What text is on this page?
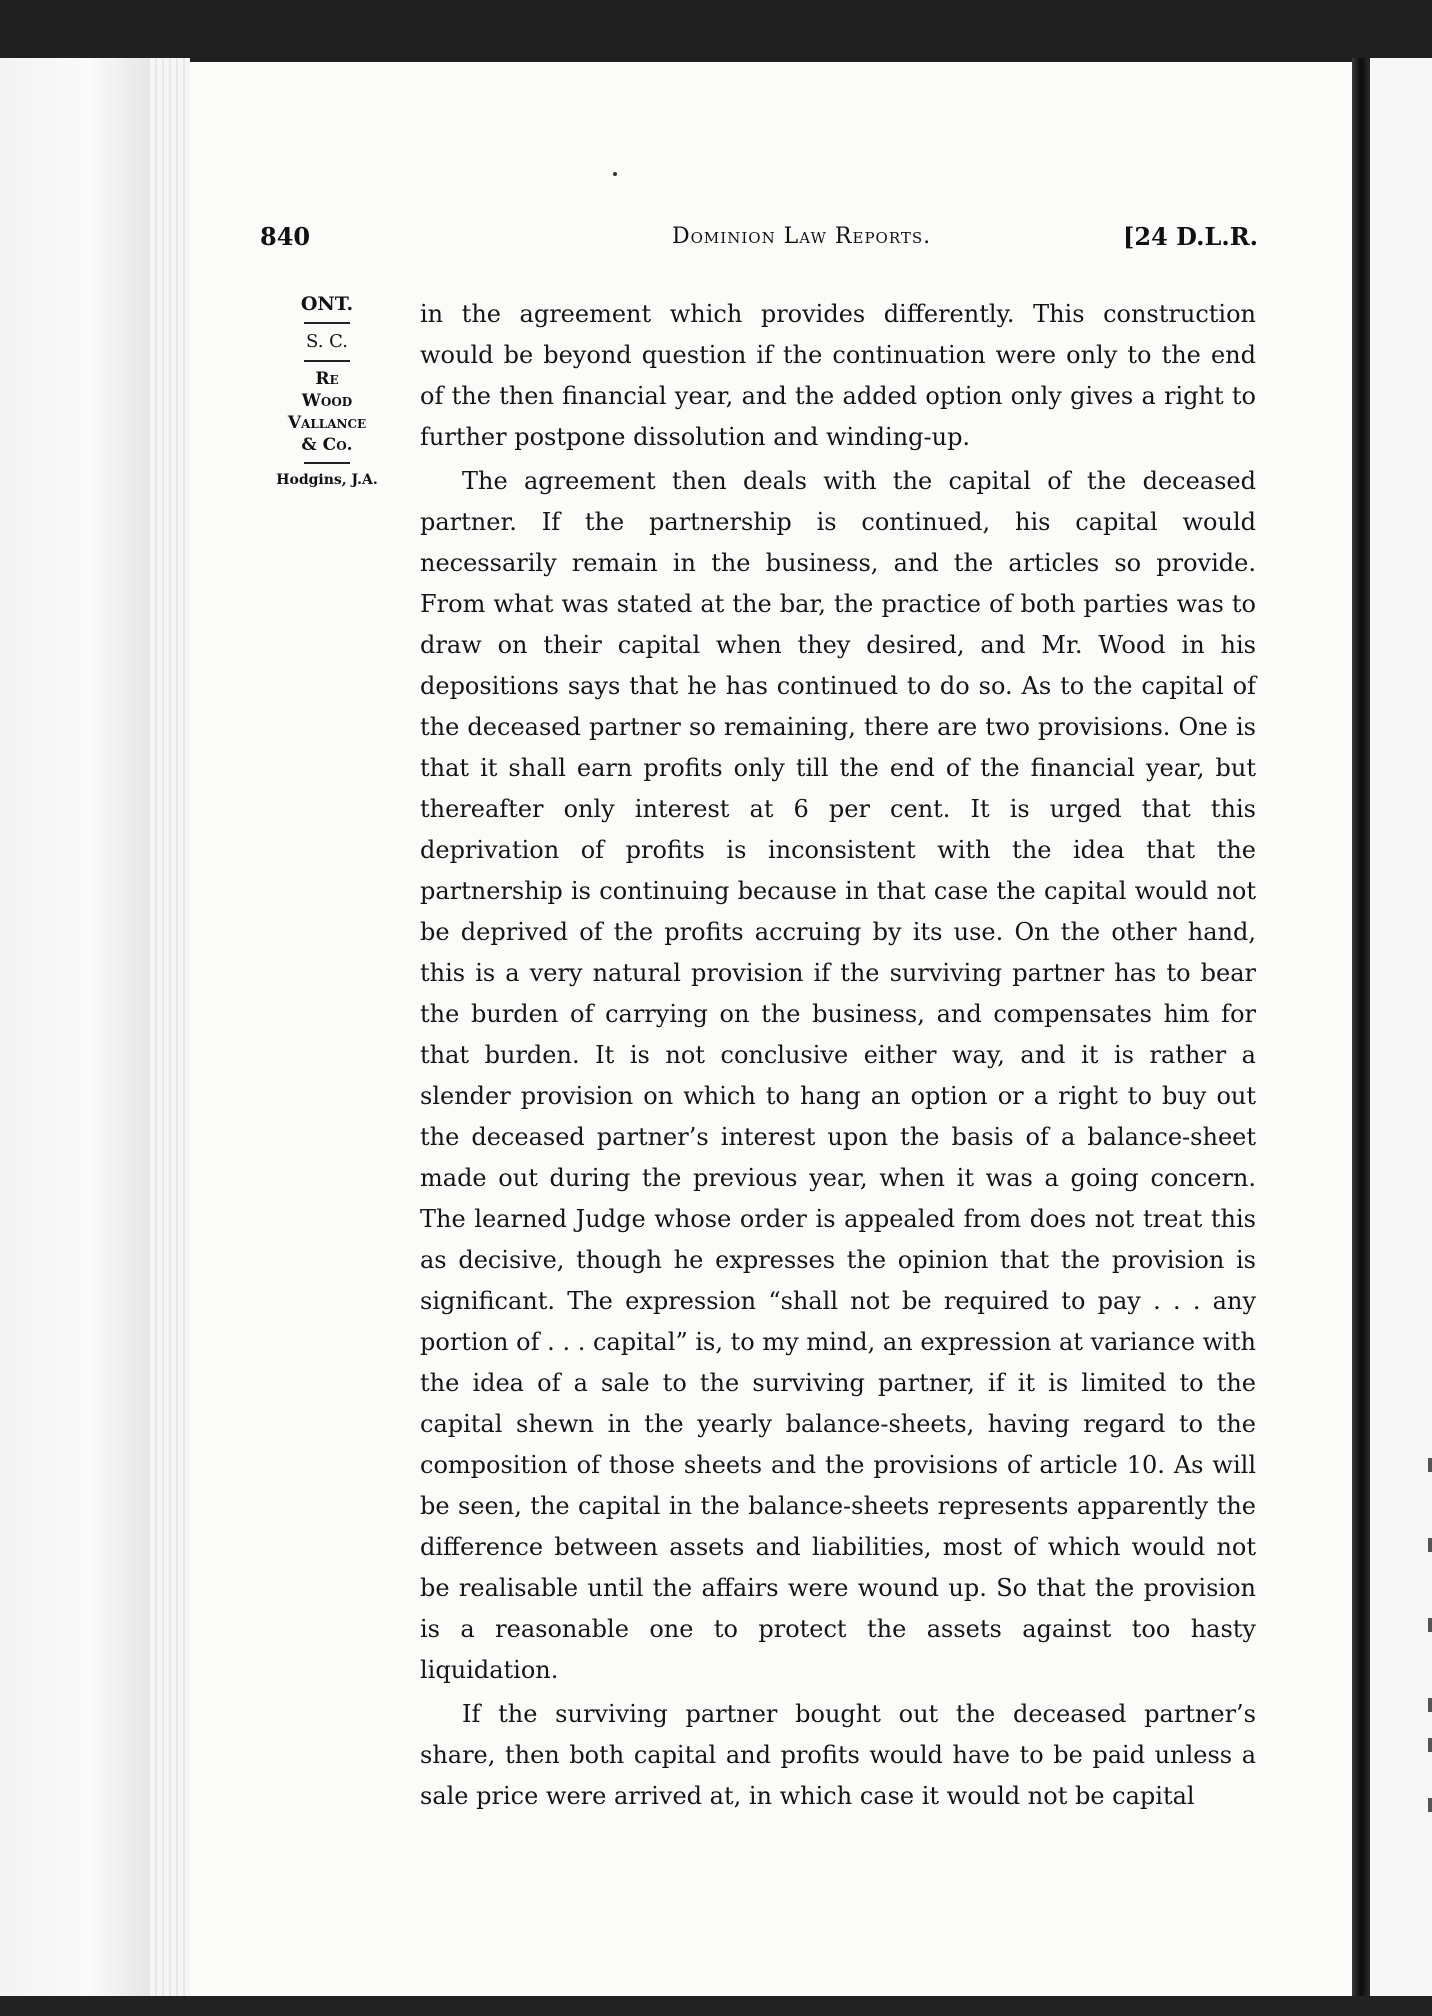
840	Dominion Law Reports.	[24 D.L.R.
ONT.
S. C.
Re
Wood
Vallance
& Co.
Hodgins, J.A.

in the agreement which provides differently. This construction would be beyond question if the continuation were only to the end of the then financial year, and the added option only gives a right to further postpone dissolution and winding-up.

The agreement then deals with the capital of the deceased partner. If the partnership is continued, his capital would necessarily remain in the business, and the articles so provide. From what was stated at the bar, the practice of both parties was to draw on their capital when they desired, and Mr. Wood in his depositions says that he has continued to do so. As to the capital of the deceased partner so remaining, there are two provisions. One is that it shall earn profits only till the end of the financial year, but thereafter only interest at 6 per cent. It is urged that this deprivation of profits is inconsistent with the idea that the partnership is continuing because in that case the capital would not be deprived of the profits accruing by its use. On the other hand, this is a very natural provision if the surviving partner has to bear the burden of carrying on the business, and compensates him for that burden. It is not conclusive either way, and it is rather a slender provision on which to hang an option or a right to buy out the deceased partner’s interest upon the basis of a balance-sheet made out during the previous year, when it was a going concern. The learned Judge whose order is appealed from does not treat this as decisive, though he expresses the opinion that the provision is significant. The expression “shall not be required to pay . . . any portion of . . . capital” is, to my mind, an expression at variance with the idea of a sale to the surviving partner, if it is limited to the capital shewn in the yearly balance-sheets, having regard to the composition of those sheets and the provisions of article 10. As will be seen, the capital in the balance-sheets represents apparently the difference between assets and liabilities, most of which would not be realisable until the affairs were wound up. So that the provision is a reasonable one to protect the assets against too hasty liquidation.

If the surviving partner bought out the deceased partner’s share, then both capital and profits would have to be paid unless a sale price were arrived at, in which case it would not be capital
